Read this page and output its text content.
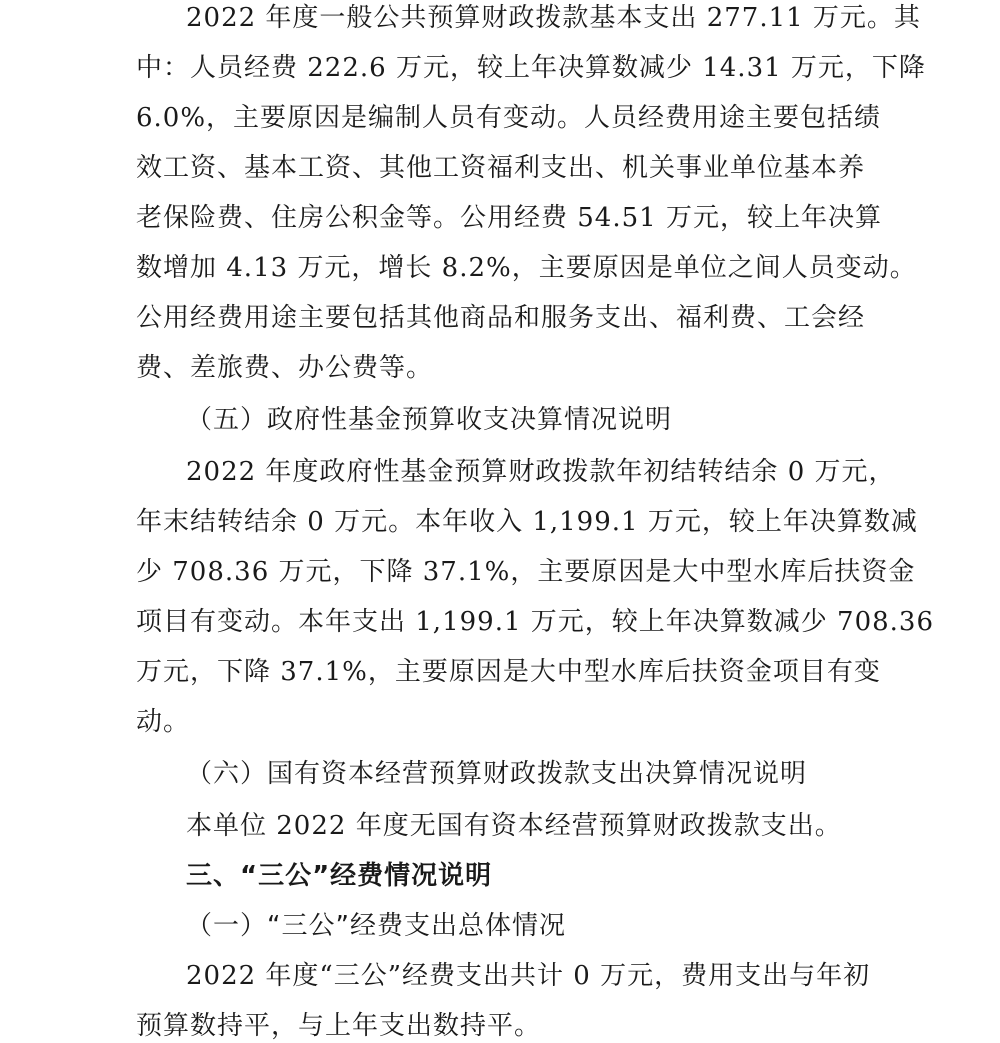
2022 年度一般公共预算财政拨款基本支出 277.11 万元。其
中：人员经费 222.6 万元，较上年决算数减少 14.31 万元，下降
6.0%，主要原因是编制人员有变动。人员经费用途主要包括绩
效工资、基本工资、其他工资福利支出、机关事业单位基本养
老保险费、住房公积金等。公用经费 54.51 万元，较上年决算
数增加 4.13 万元，增长 8.2%，主要原因是单位之间人员变动。
公用经费用途主要包括其他商品和服务支出、福利费、工会经
费、差旅费、办公费等。
（五）政府性基金预算收支决算情况说明
2022 年度政府性基金预算财政拨款年初结转结余 0 万元，
年末结转结余 0 万元。本年收入 1,199.1 万元，较上年决算数减
少 708.36 万元，下降 37.1%，主要原因是大中型水库后扶资金
项目有变动。本年支出 1,199.1 万元，较上年决算数减少 708.36
万元，下降 37.1%，主要原因是大中型水库后扶资金项目有变
动。
（六）国有资本经营预算财政拨款支出决算情况说明
本单位 2022 年度无国有资本经营预算财政拨款支出。
三、“三公”经费情况说明
（一）“三公”经费支出总体情况
2022 年度“三公”经费支出共计 0 万元，费用支出与年初
预算数持平，与上年支出数持平。
